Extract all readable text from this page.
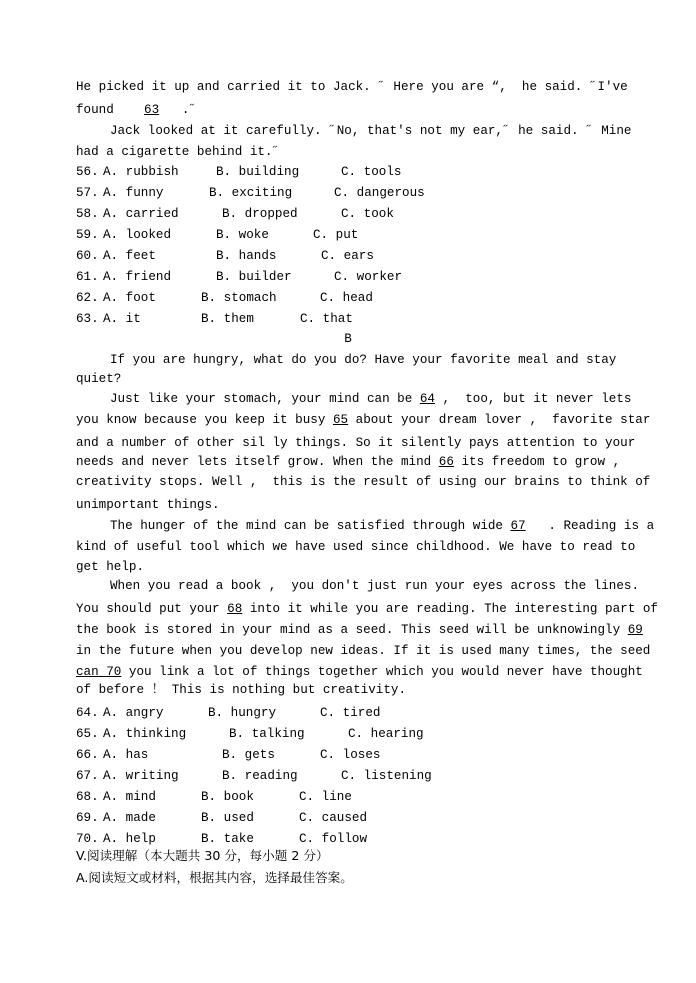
He picked it up and carried it to Jack. ˝ Here you are “,  he said. ˝I've
found 63 .˝
Jack looked at it carefully. ˝No, that's not my ear,˝ he said. ˝ Mine
had a cigarette behind it.˝
56. A. rubbish	B. building	C. tools
57. A. funny	B. exciting	C. dangerous
58. A. carried	B. dropped	C. took
59. A. looked	B. woke	C. put
60. A. feet	B. hands	C. ears
61. A. friend	B. builder	C. worker
62. A. foot	B. stomach	C. head
63. A. it	B. them	C. that
B
If you are hungry, what do you do? Have your favorite meal and stay
quiet?
Just like your stomach, your mind can be 64 ,  too, but it never lets
you know because you keep it busy 65 about your dream lover ,  favorite star
and a number of other sil ly things. So it silently pays attention to your
needs and never lets itself grow. When the mind 66 its freedom to grow ,
creativity stops. Well ,  this is the result of using our brains to think of
unimportant things.
The hunger of the mind can be satisfied through wide 67   . Reading is a
kind of useful tool which we have used since childhood. We have to read to
get help.
When you read a book ,  you don't just run your eyes across the lines.
You should put your 68 into it while you are reading. The interesting part of
the book is stored in your mind as a seed. This seed will be unknowingly 69
in the future when you develop new ideas. If it is used many times, the seed
can 70 you link a lot of things together which you would never have thought
of before ！ This is nothing but creativity.
64. A. angry	B. hungry	C. tired
65. A. thinking	B. talking	C. hearing
66. A. has	B. gets	C. loses
67. A. writing	B. reading	C. listening
68. A. mind	B. book	C. line
69. A. made	B. used	C. caused
70. A. help	B. take	C. follow
V.阅读理解（本大题共 30 分，每小题 2 分）
A.阅读短文或材料，根据其内容，选择最佳答案。
